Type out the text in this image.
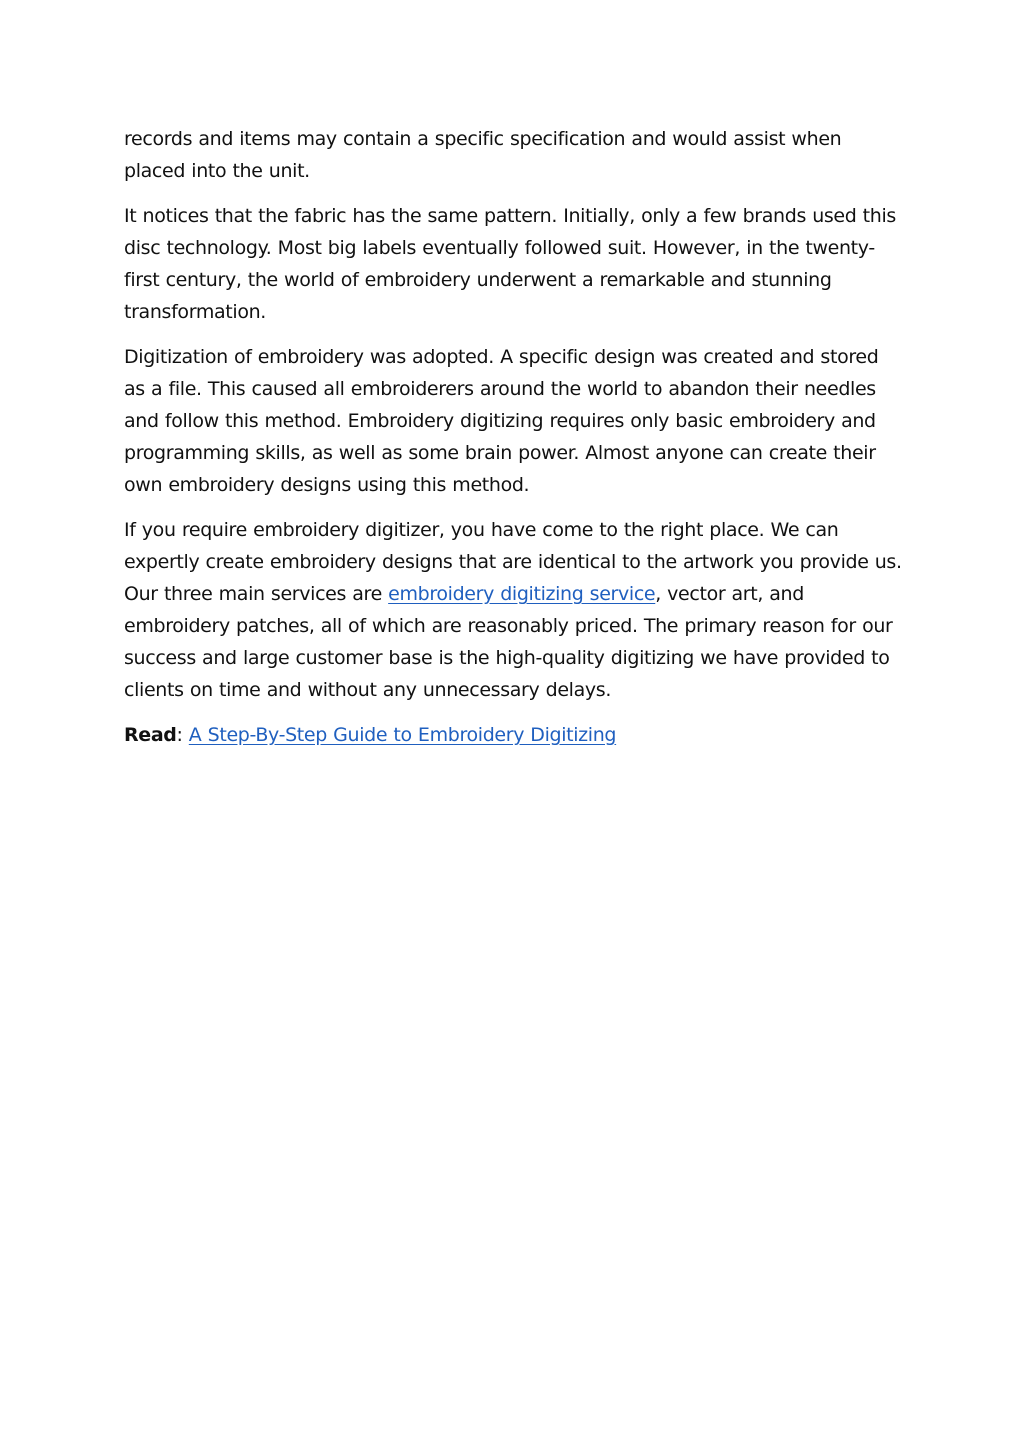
records and items may contain a specific specification and would assist when placed into the unit.

It notices that the fabric has the same pattern. Initially, only a few brands used this disc technology. Most big labels eventually followed suit. However, in the twenty-first century, the world of embroidery underwent a remarkable and stunning transformation.

Digitization of embroidery was adopted. A specific design was created and stored as a file. This caused all embroiderers around the world to abandon their needles and follow this method. Embroidery digitizing requires only basic embroidery and programming skills, as well as some brain power. Almost anyone can create their own embroidery designs using this method.

If you require embroidery digitizer, you have come to the right place. We can expertly create embroidery designs that are identical to the artwork you provide us. Our three main services are embroidery digitizing service, vector art, and embroidery patches, all of which are reasonably priced. The primary reason for our success and large customer base is the high-quality digitizing we have provided to clients on time and without any unnecessary delays.

Read: A Step-By-Step Guide to Embroidery Digitizing
